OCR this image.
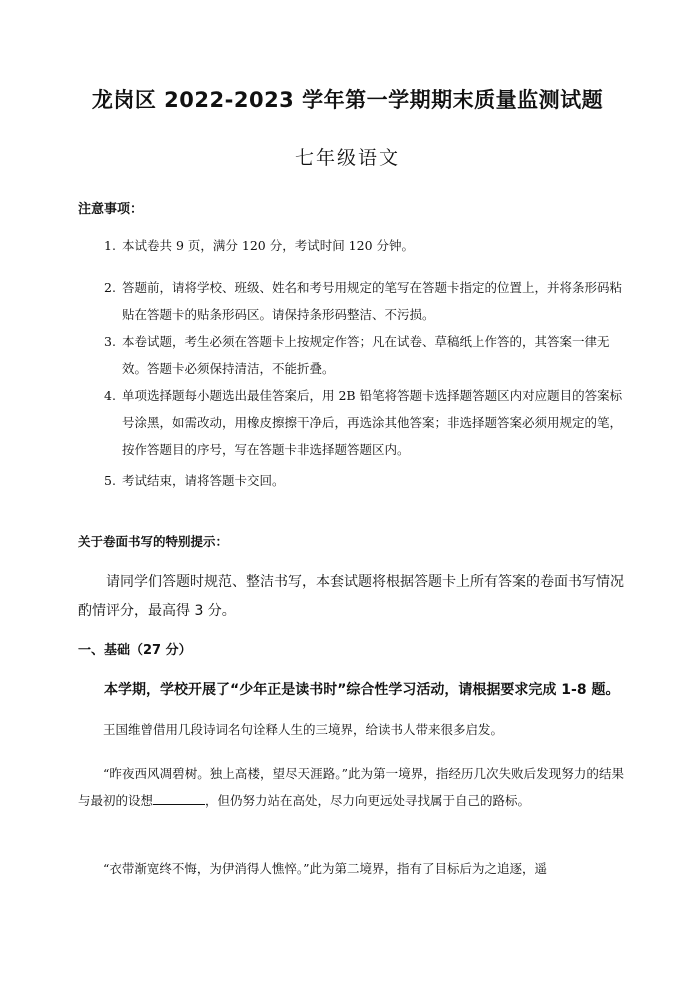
龙岗区 2022-2023 学年第一学期期末质量监测试题
七年级语文
注意事项：
1. 本试卷共 9 页，满分 120 分，考试时间 120 分钟。
2. 答题前，请将学校、班级、姓名和考号用规定的笔写在答题卡指定的位置上，并将条形码粘贴在答题卡的贴条形码区。请保持条形码整洁、不污损。
3. 本卷试题，考生必须在答题卡上按规定作答；凡在试卷、草稿纸上作答的，其答案一律无效。答题卡必须保持清洁，不能折叠。
4. 单项选择题每小题选出最佳答案后，用 2B 铅笔将答题卡选择题答题区内对应题目的答案标号涂黑，如需改动，用橡皮擦擦干净后，再选涂其他答案；非选择题答案必须用规定的笔，按作答题目的序号，写在答题卡非选择题答题区内。
5. 考试结束，请将答题卡交回。
关于卷面书写的特别提示：
请同学们答题时规范、整洁书写，本套试题将根据答题卡上所有答案的卷面书写情况酌情评分，最高得 3 分。
一、基础（27 分）
本学期，学校开展了“少年正是读书时”综合性学习活动，请根据要求完成 1-8 题。
王国维曾借用几段诗词名句诠释人生的三境界，给读书人带来很多启发。
“昨夜西风凋碧树。独上高楼，望尽天涯路。”此为第一境界，指经历几次失败后发现努力的结果与最初的设想	，但仍努力站在高处，尽力向更远处寻找属于自己的路标。
“衣带渐宽终不悔，为伊消得人憔悴。”此为第二境界，指有了目标后为之追逐，遥
